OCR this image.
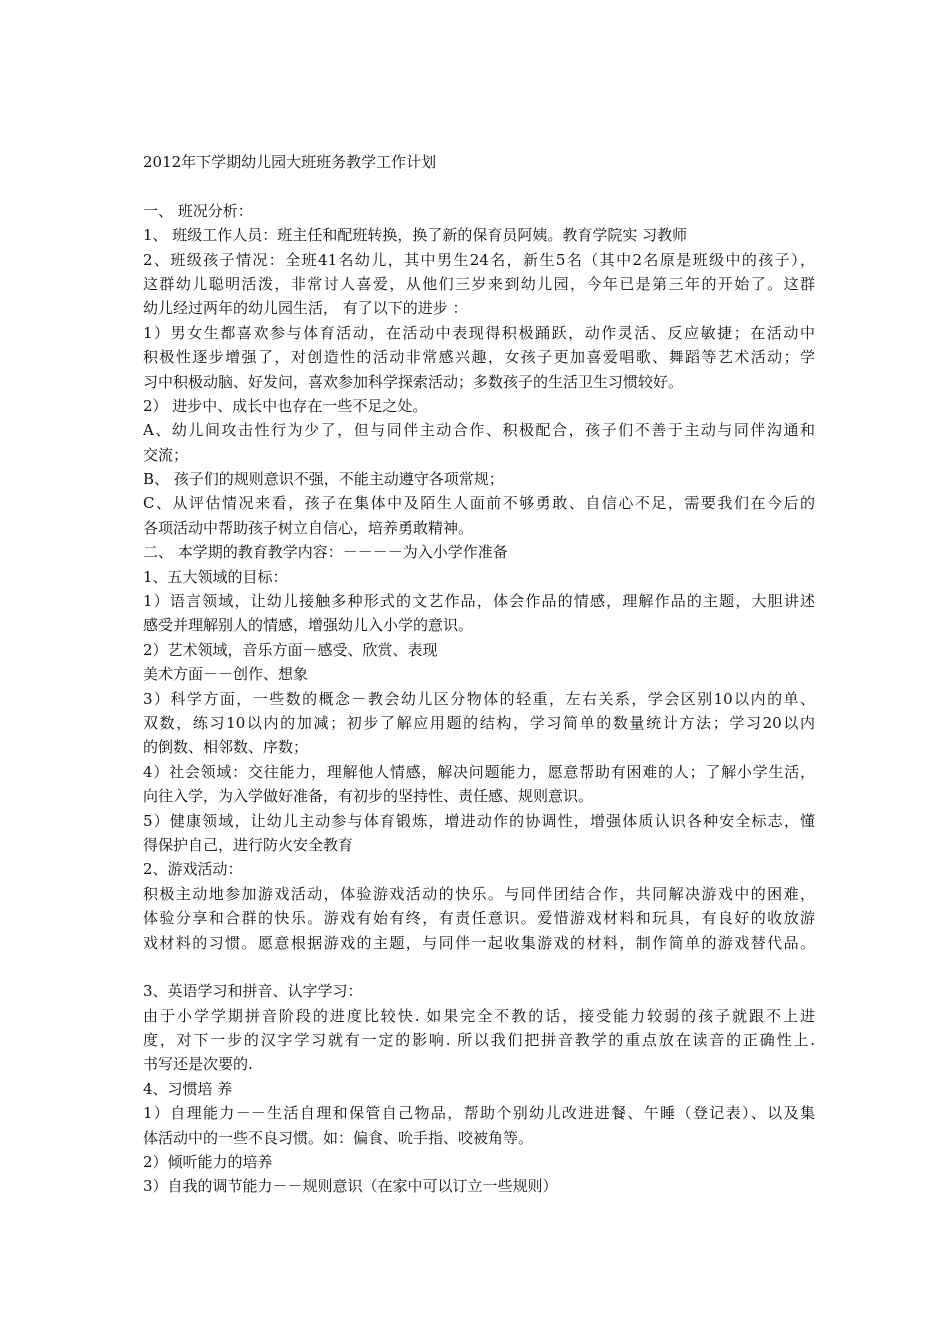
2012年下学期幼儿园大班班务教学工作计划
一、 班况分析：
1、 班级工作人员：班主任和配班转换，换了新的保育员阿姨。教育学院实 习教师
2、班级孩子情况：全班41名幼儿，其中男生24名，新生5名（其中2名原是班级中的孩子），
这群幼儿聪明活泼，非常讨人喜爱，从他们三岁来到幼儿园，今年已是第三年的开始了。这群
幼儿经过两年的幼儿园生活， 有了以下的进步 ：
1）男女生都喜欢参与体育活动，在活动中表现得积极踊跃，动作灵活、反应敏捷；在活动中
积极性逐步增强了，对创造性的活动非常感兴趣，女孩子更加喜爱唱歌、舞蹈等艺术活动；学
习中积极动脑、好发问，喜欢参加科学探索活动；多数孩子的生活卫生习惯较好。
2） 进步中、成长中也存在一些不足之处。
A、幼儿间攻击性行为少了，但与同伴主动合作、积极配合，孩子们不善于主动与同伴沟通和
交流；
B、 孩子们的规则意识不强，不能主动遵守各项常规；
C、从评估情况来看，孩子在集体中及陌生人面前不够勇敢、自信心不足，需要我们在今后的
各项活动中帮助孩子树立自信心，培养勇敢精神。
二、 本学期的教育教学内容：－－－－为入小学作准备
1、五大领域的目标：
1）语言领域，让幼儿接触多种形式的文艺作品，体会作品的情感，理解作品的主题，大胆讲述
感受并理解别人的情感，增强幼儿入小学的意识。
2）艺术领域，音乐方面－感受、欣赏、表现
美术方面－－创作、想象
3）科学方面，一些数的概念－教会幼儿区分物体的轻重，左右关系，学会区别10以内的单、
双数，练习10以内的加减；初步了解应用题的结构，学习简单的数量统计方法；学习20以内
的倒数、相邻数、序数；
4）社会领域：交往能力，理解他人情感，解决问题能力，愿意帮助有困难的人；了解小学生活，
向往入学，为入学做好准备，有初步的坚持性、责任感、规则意识。
5）健康领域，让幼儿主动参与体育锻炼，增进动作的协调性，增强体质认识各种安全标志，懂
得保护自己，进行防火安全教育
2、游戏活动：
积极主动地参加游戏活动，体验游戏活动的快乐。与同伴团结合作，共同解决游戏中的困难，
体验分享和合群的快乐。游戏有始有终，有责任意识。爱惜游戏材料和玩具，有良好的收放游
戏材料的习惯。愿意根据游戏的主题，与同伴一起收集游戏的材料，制作简单的游戏替代品。
3、英语学习和拼音、认字学习：
由于小学学期拼音阶段的进度比较快. 如果完全不教的话，接受能力较弱的孩子就跟不上进
度，对下一步的汉字学习就有一定的影响. 所以我们把拼音教学的重点放在读音的正确性上.
书写还是次要的.
4、习惯培 养
1）自理能力－－生活自理和保管自己物品，帮助个别幼儿改进进餐、午睡（登记表）、以及集
体活动中的一些不良习惯。如：偏食、吮手指、咬被角等。
2）倾听能力的培养
3）自我的调节能力－－规则意识（在家中可以订立一些规则）
